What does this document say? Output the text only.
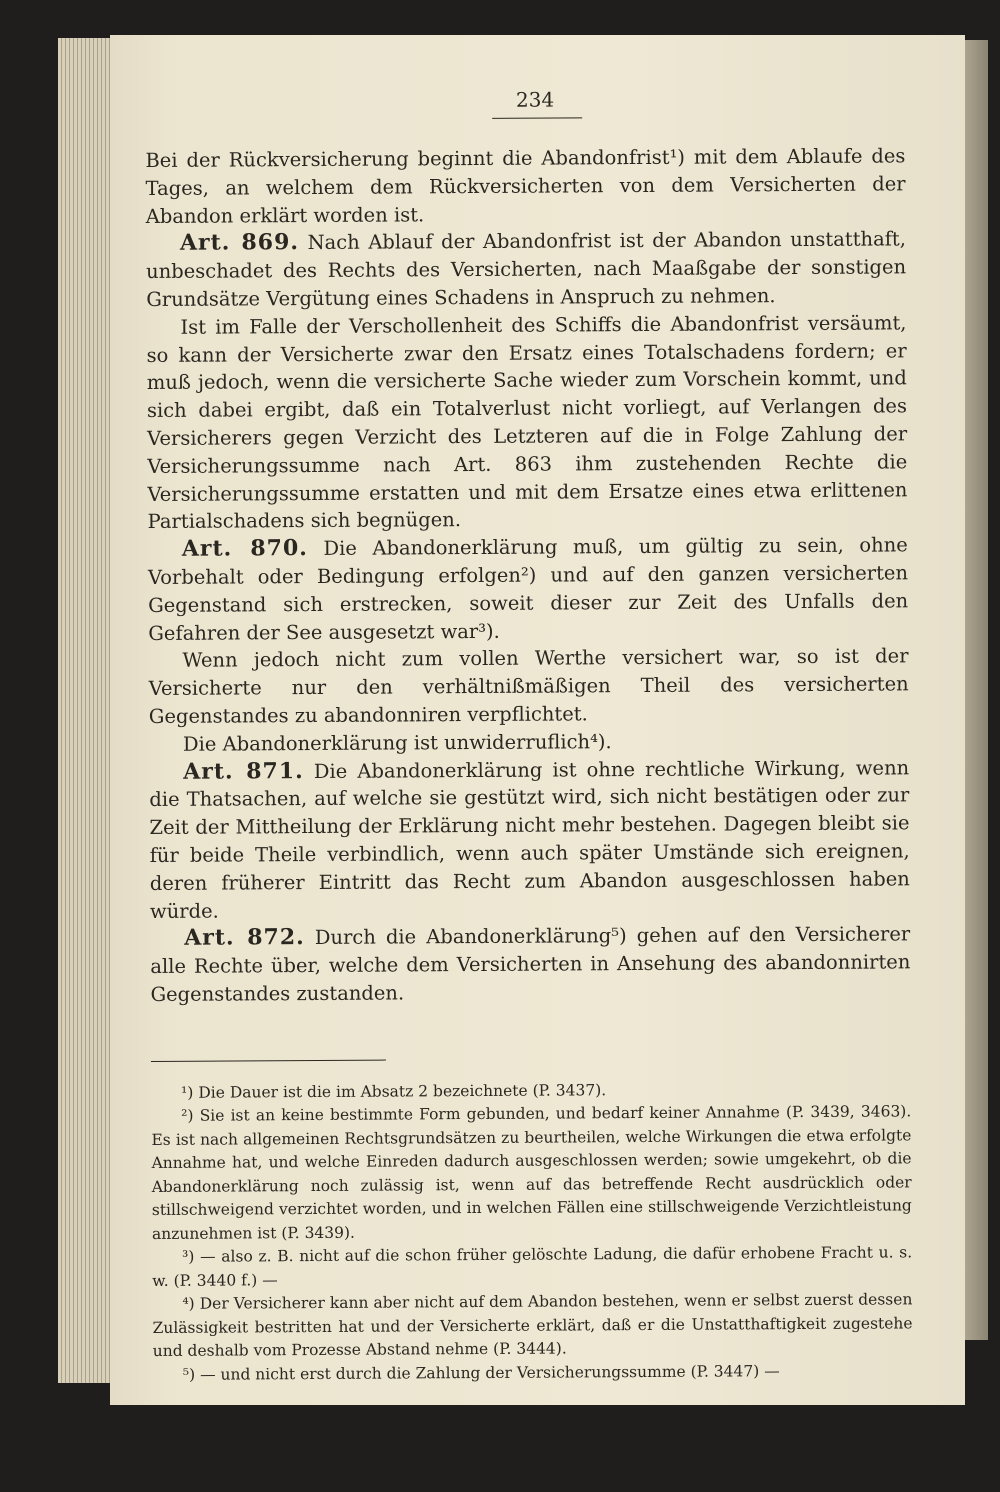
234

Bei der Rückversicherung beginnt die Abandonfrist¹) mit dem Ablaufe des Tages, an welchem dem Rückversicherten von dem Versicherten der Abandon erklärt worden ist.

Art. 869. Nach Ablauf der Abandonfrist ist der Abandon unstatthaft, unbeschadet des Rechts des Versicherten, nach Maaßgabe der sonstigen Grundsätze Vergütung eines Schadens in Anspruch zu nehmen.

Ist im Falle der Verschollenheit des Schiffs die Abandonfrist versäumt, so kann der Versicherte zwar den Ersatz eines Totalschadens fordern; er muß jedoch, wenn die versicherte Sache wieder zum Vorschein kommt, und sich dabei ergibt, daß ein Totalverlust nicht vorliegt, auf Verlangen des Versicherers gegen Verzicht des Letzteren auf die in Folge Zahlung der Versicherungssumme nach Art. 863 ihm zustehenden Rechte die Versicherungssumme erstatten und mit dem Ersatze eines etwa erlittenen Partialschadens sich begnügen.

Art. 870. Die Abandonerklärung muß, um gültig zu sein, ohne Vorbehalt oder Bedingung erfolgen²) und auf den ganzen versicherten Gegenstand sich erstrecken, soweit dieser zur Zeit des Unfalls den Gefahren der See ausgesetzt war³).

Wenn jedoch nicht zum vollen Werthe versichert war, so ist der Versicherte nur den verhältnißmäßigen Theil des versicherten Gegenstandes zu abandonniren verpflichtet.

Die Abandonerklärung ist unwiderruflich⁴).

Art. 871. Die Abandonerklärung ist ohne rechtliche Wirkung, wenn die Thatsachen, auf welche sie gestützt wird, sich nicht bestätigen oder zur Zeit der Mittheilung der Erklärung nicht mehr bestehen. Dagegen bleibt sie für beide Theile verbindlich, wenn auch später Umstände sich ereignen, deren früherer Eintritt das Recht zum Abandon ausgeschlossen haben würde.

Art. 872. Durch die Abandonerklärung⁵) gehen auf den Versicherer alle Rechte über, welche dem Versicherten in Ansehung des abandonnirten Gegenstandes zustanden.

¹) Die Dauer ist die im Absatz 2 bezeichnete (P. 3437).

²) Sie ist an keine bestimmte Form gebunden, und bedarf keiner Annahme (P. 3439, 3463). Es ist nach allgemeinen Rechtsgrundsätzen zu beurtheilen, welche Wirkungen die etwa erfolgte Annahme hat, und welche Einreden dadurch ausgeschlossen werden; sowie umgekehrt, ob die Abandonerklärung noch zulässig ist, wenn auf das betreffende Recht ausdrücklich oder stillschweigend verzichtet worden, und in welchen Fällen eine stillschweigende Verzichtleistung anzunehmen ist (P. 3439).

³) — also z. B. nicht auf die schon früher gelöschte Ladung, die dafür erhobene Fracht u. s. w. (P. 3440 f.) —

⁴) Der Versicherer kann aber nicht auf dem Abandon bestehen, wenn er selbst zuerst dessen Zulässigkeit bestritten hat und der Versicherte erklärt, daß er die Unstatthaftigkeit zugestehe und deshalb vom Prozesse Abstand nehme (P. 3444).

⁵) — und nicht erst durch die Zahlung der Versicherungssumme (P. 3447) —
